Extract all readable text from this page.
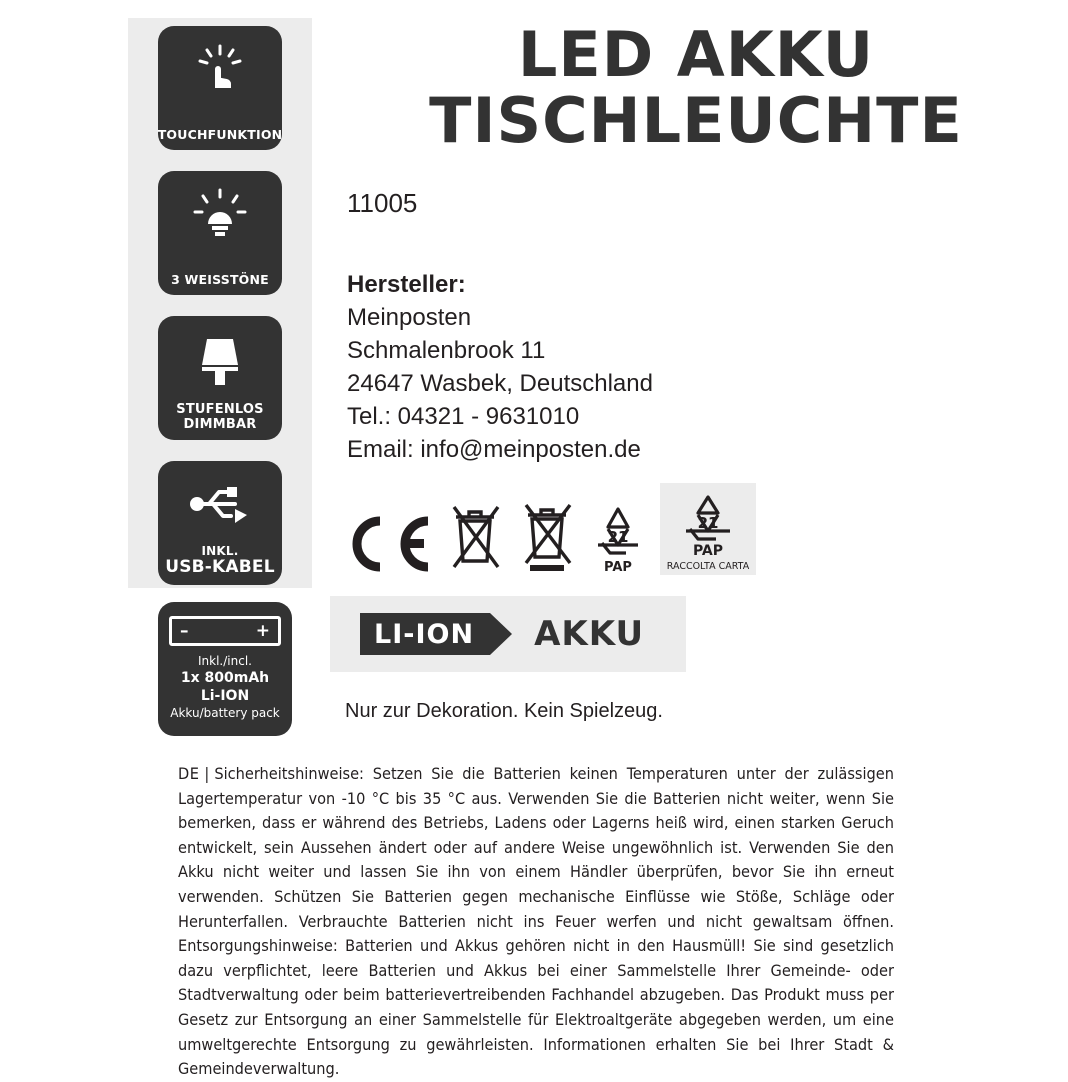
TOUCHFUNKTION
3 WEISSTÖNE
STUFENLOS
DIMMBAR
INKL.
USB-KABEL
–	+
Inkl./incl.
1x 800mAh
Li-ION
Akku/battery pack
LED AKKU
TISCHLEUCHTE
11005
Hersteller:
Meinposten
Schmalenbrook 11
24647 Wasbek, Deutschland
Tel.: 04321 - 9631010
Email: info@meinposten.de
21
PAP
21
PAP
RACCOLTA CARTA
LI-ION	AKKU
Nur zur Dekoration. Kein Spielzeug.
DE | Sicherheitshinweise: Setzen Sie die Batterien keinen Temperaturen unter der zulässigen Lagertemperatur von -10 °C bis 35 °C aus. Verwenden Sie die Batterien nicht weiter, wenn Sie bemerken, dass er während des Betriebs, Ladens oder Lagerns heiß wird, einen starken Geruch entwickelt, sein Aussehen ändert oder auf andere Weise ungewöhnlich ist. Verwenden Sie den Akku nicht weiter und lassen Sie ihn von einem Händler überprüfen, bevor Sie ihn erneut verwenden. Schützen Sie Batterien gegen mechanische Einflüsse wie Stöße, Schläge oder Herunterfallen. Verbrauchte Batterien nicht ins Feuer werfen und nicht gewaltsam öffnen. Entsorgungshinweise: Batterien und Akkus gehören nicht in den Hausmüll! Sie sind gesetzlich dazu verpflichtet, leere Batterien und Akkus bei einer Sammelstelle Ihrer Gemeinde- oder Stadtverwaltung oder beim batterievertreibenden Fachhandel abzugeben. Das Produkt muss per Gesetz zur Entsorgung an einer Sammelstelle für Elektroaltgeräte abgegeben werden, um eine umweltgerechte Entsorgung zu gewährleisten. Informationen erhalten Sie bei Ihrer Stadt & Gemeindeverwaltung.
